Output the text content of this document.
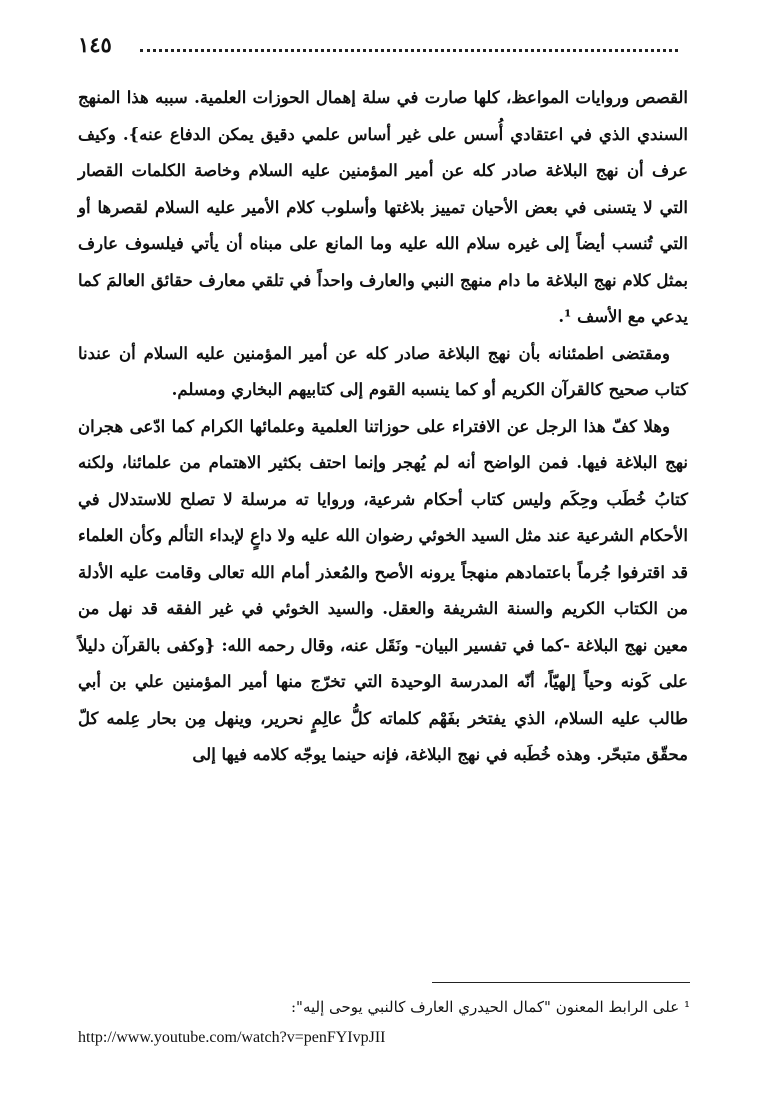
١٤٥

القصص وروايات المواعظ، كلها صارت في سلة إهمال الحوزات العلمية. سببه هذا المنهج السندي الذي في اعتقادي أُسس على غير أساس علمي دقيق يمكن الدفاع عنه}. وكيف عرف أن نهج البلاغة صادر كله عن أمير المؤمنين عليه السلام وخاصة الكلمات القصار التي لا يتسنى في بعض الأحيان تمييز بلاغتها وأسلوب كلام الأمير عليه السلام لقصرها أو التي تُنسب أيضاً إلى غيره سلام الله عليه وما المانع على مبناه أن يأتي فيلسوف عارف بمثل كلام نهج البلاغة ما دام منهج النبي والعارف واحداً في تلقي معارف حقائق العالمَ كما يدعي مع الأسف ¹.

ومقتضى اطمئنانه بأن نهج البلاغة صادر كله عن أمير المؤمنين عليه السلام أن عندنا كتاب صحيح كالقرآن الكريم أو كما ينسبه القوم إلى كتابيهم البخاري ومسلم.

وهلا كفّ هذا الرجل عن الافتراء على حوزاتنا العلمية وعلمائها الكرام كما ادّعى هجران نهج البلاغة فيها. فمن الواضح أنه لم يُهجر وإنما احتف بكثير الاهتمام من علمائنا، ولكنه كتابُ خُطَب وحِكَم وليس كتاب أحكام شرعية، وروايا ته مرسلة لا تصلح للاستدلال في الأحكام الشرعية عند مثل السيد الخوئي رضوان الله عليه ولا داعٍ لإبداء التألم وكأن العلماء قد اقترفوا جُرماً باعتمادهم منهجاً يرونه الأصح والمُعذر أمام الله تعالى وقامت عليه الأدلة من الكتاب الكريم والسنة الشريفة والعقل. والسيد الخوئي في غير الفقه قد نهل من معين نهج البلاغة -كما في تفسير البيان- ونَقَل عنه، وقال رحمه الله: {وكفى بالقرآن دليلاً على كَونه وحياً إلهيّاً، أنّه المدرسة الوحيدة التي تخرّج منها أمير المؤمنين علي بن أبي طالب عليه السلام، الذي يفتخر بفَهْم كلماته كلُّ عالِمٍ نحرير، وينهل مِن بحار عِلمه كلّ محقّق متبحّر. وهذه خُطَبه في نهج البلاغة، فإنه حينما يوجّه كلامه فيها إلى

¹ على الرابط المعنون "كمال الحيدري العارف كالنبي يوحى إليه":
http://www.youtube.com/watch?v=penFYIvpJII
